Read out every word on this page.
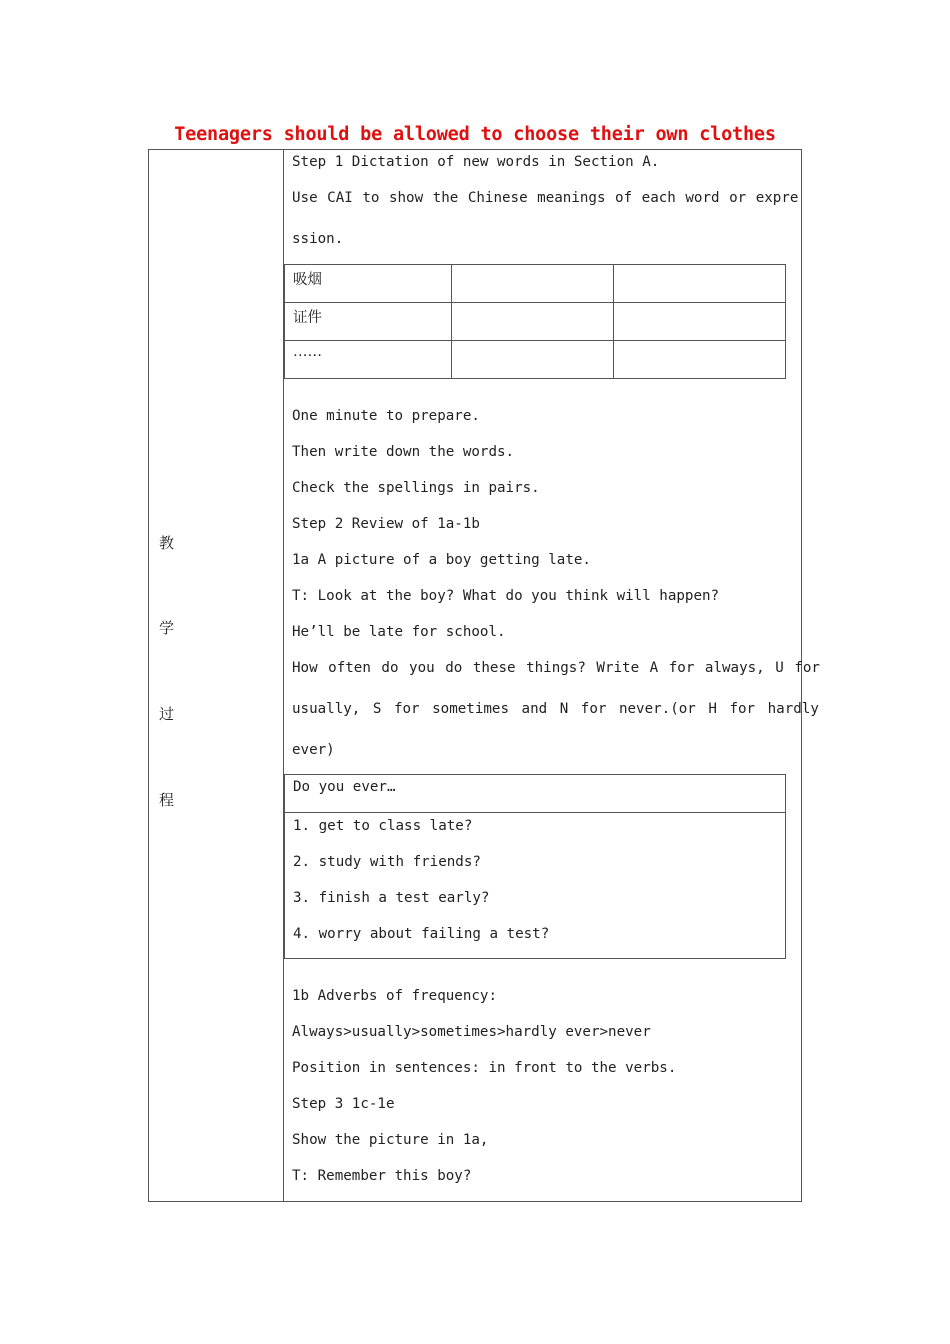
Teenagers should be allowed to choose their own clothes
教
学
过
程
Step 1 Dictation of new words in Section A.
Use CAI to show the Chinese meanings of each word or expre
ssion.
吸烟
证件
……
One minute to prepare.
Then write down the words.
Check the spellings in pairs.
Step 2 Review of 1a-1b
1a A picture of a boy getting late.
T: Look at the boy? What do you think will happen?
He’ll be late for school.
How often do you do these things? Write A for always, U for
usually, S for sometimes and N for never.(or H for hardly
ever)
Do you ever…
1. get to class late?
2. study with friends?
3. finish a test early?
4. worry about failing a test?
1b Adverbs of frequency:
Always>usually>sometimes>hardly ever>never
Position in sentences: in front to the verbs.
Step 3 1c-1e
Show the picture in 1a,
T: Remember this boy?
